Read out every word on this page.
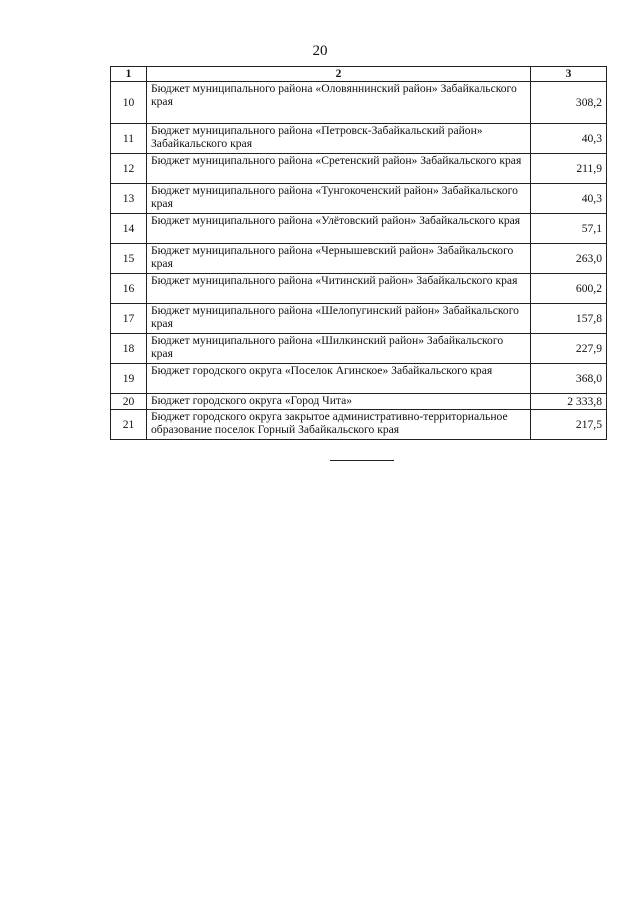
20
1	2	3
10	Бюджет муниципального района «Оловяннинский район» Забайкальского края	308,2
11	Бюджет муниципального района «Петровск-Забайкальский район» Забайкальского края	40,3
12	Бюджет муниципального района «Сретенский район» Забайкальского края	211,9
13	Бюджет муниципального района «Тунгокоченский район» Забайкальского края	40,3
14	Бюджет муниципального района «Улётовский район» Забайкальского края	57,1
15	Бюджет муниципального района «Чернышевский район» Забайкальского края	263,0
16	Бюджет муниципального района «Читинский район» Забайкальского края	600,2
17	Бюджет муниципального района «Шелопугинский район» Забайкальского края	157,8
18	Бюджет муниципального района «Шилкинский район» Забайкальского края	227,9
19	Бюджет городского округа «Поселок Агинское» Забайкальского края	368,0
20	Бюджет городского округа «Город Чита»	2 333,8
21	Бюджет городского округа закрытое административно-территориальное образование поселок Горный Забайкальского края	217,5
